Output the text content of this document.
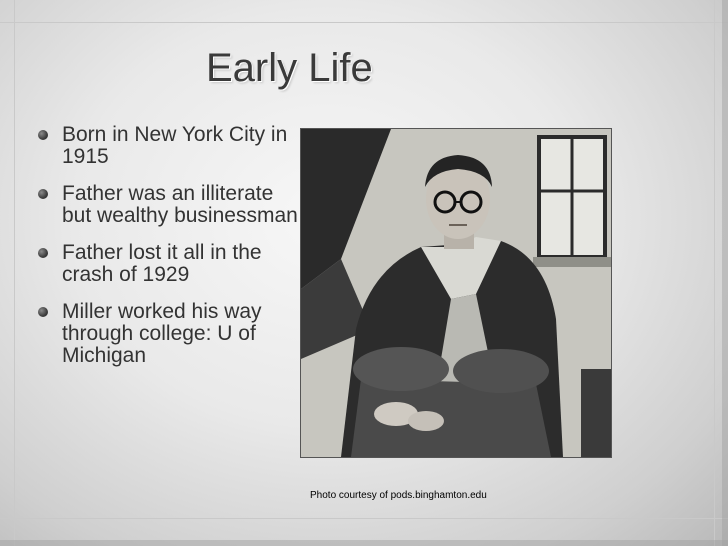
Early Life
Born in New York City in 1915
Father was an illiterate but wealthy businessman
Father lost it all in the crash of 1929
Miller worked his way through college: U of Michigan
Photo courtesy of pods.binghamton.edu
